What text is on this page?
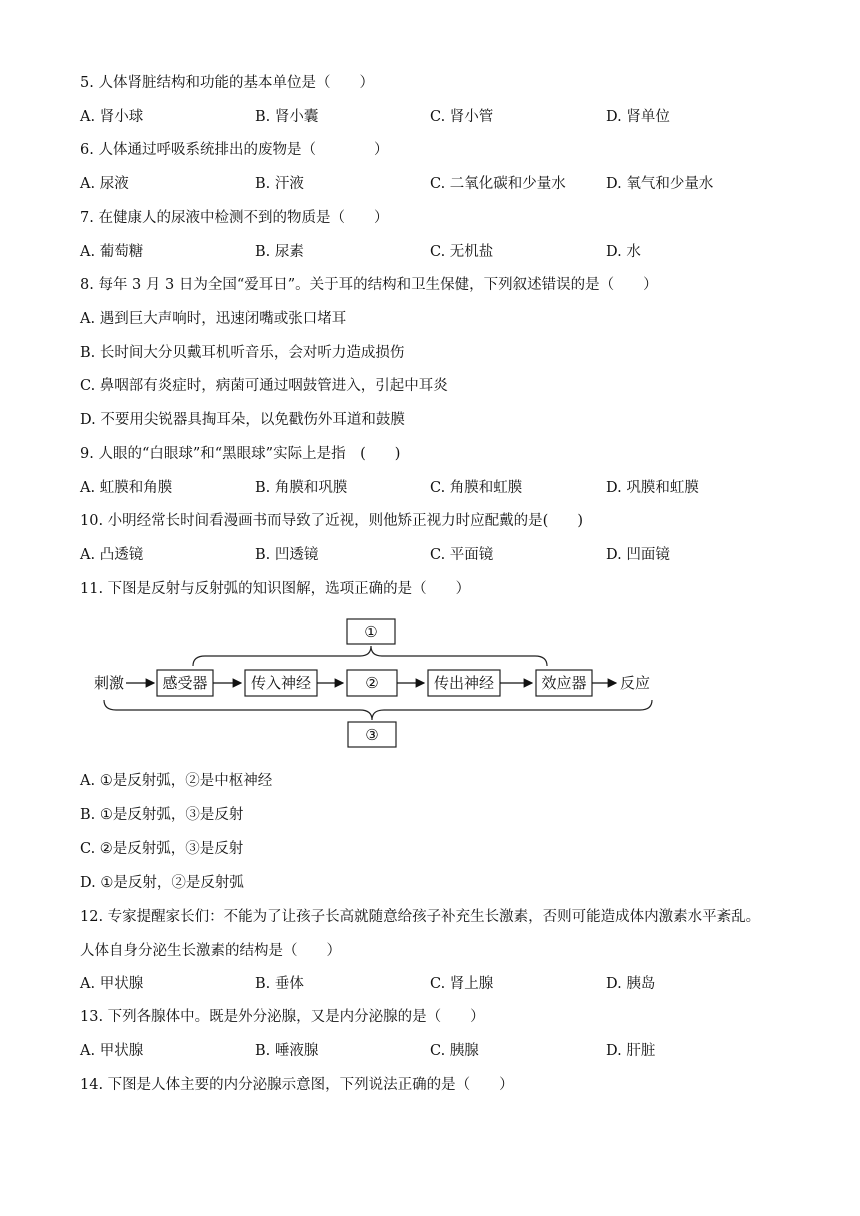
5. 人体肾脏结构和功能的基本单位是（　　）
A. 肾小球	B. 肾小囊	C. 肾小管	D. 肾单位
6. 人体通过呼吸系统排出的废物是（　　　　）
A. 尿液	B. 汗液	C. 二氧化碳和少量水	D. 氧气和少量水
7. 在健康人的尿液中检测不到的物质是（　　）
A. 葡萄糖	B. 尿素	C. 无机盐	D. 水
8. 每年 3 月 3 日为全国“爱耳日”。关于耳的结构和卫生保健，下列叙述错误的是（　　）
A. 遇到巨大声响时，迅速闭嘴或张口堵耳
B. 长时间大分贝戴耳机听音乐，会对听力造成损伤
C. 鼻咽部有炎症时，病菌可通过咽鼓管进入，引起中耳炎
D. 不要用尖锐器具掏耳朵，以免戳伤外耳道和鼓膜
9. 人眼的“白眼球”和“黑眼球”实际上是指　(　　)
A. 虹膜和角膜	B. 角膜和巩膜	C. 角膜和虹膜	D. 巩膜和虹膜
10. 小明经常长时间看漫画书而导致了近视，则他矫正视力时应配戴的是(　　)
A. 凸透镜	B. 凹透镜	C. 平面镜	D. 凹面镜
11. 下图是反射与反射弧的知识图解，选项正确的是（　　）
①
刺激	感受器	传入神经	②	传出神经	效应器 反应
③
A. ①是反射弧，②是中枢神经
B. ①是反射弧，③是反射
C. ②是反射弧，③是反射
D. ①是反射，②是反射弧
12. 专家提醒家长们：不能为了让孩子长高就随意给孩子补充生长激素，否则可能造成体内激素水平紊乱。
人体自身分泌生长激素的结构是（　　）
A. 甲状腺	B. 垂体	C. 肾上腺	D. 胰岛
13. 下列各腺体中。既是外分泌腺，又是内分泌腺的是（　　）
A. 甲状腺	B. 唾液腺	C. 胰腺	D. 肝脏
14. 下图是人体主要的内分泌腺示意图，下列说法正确的是（　　）
